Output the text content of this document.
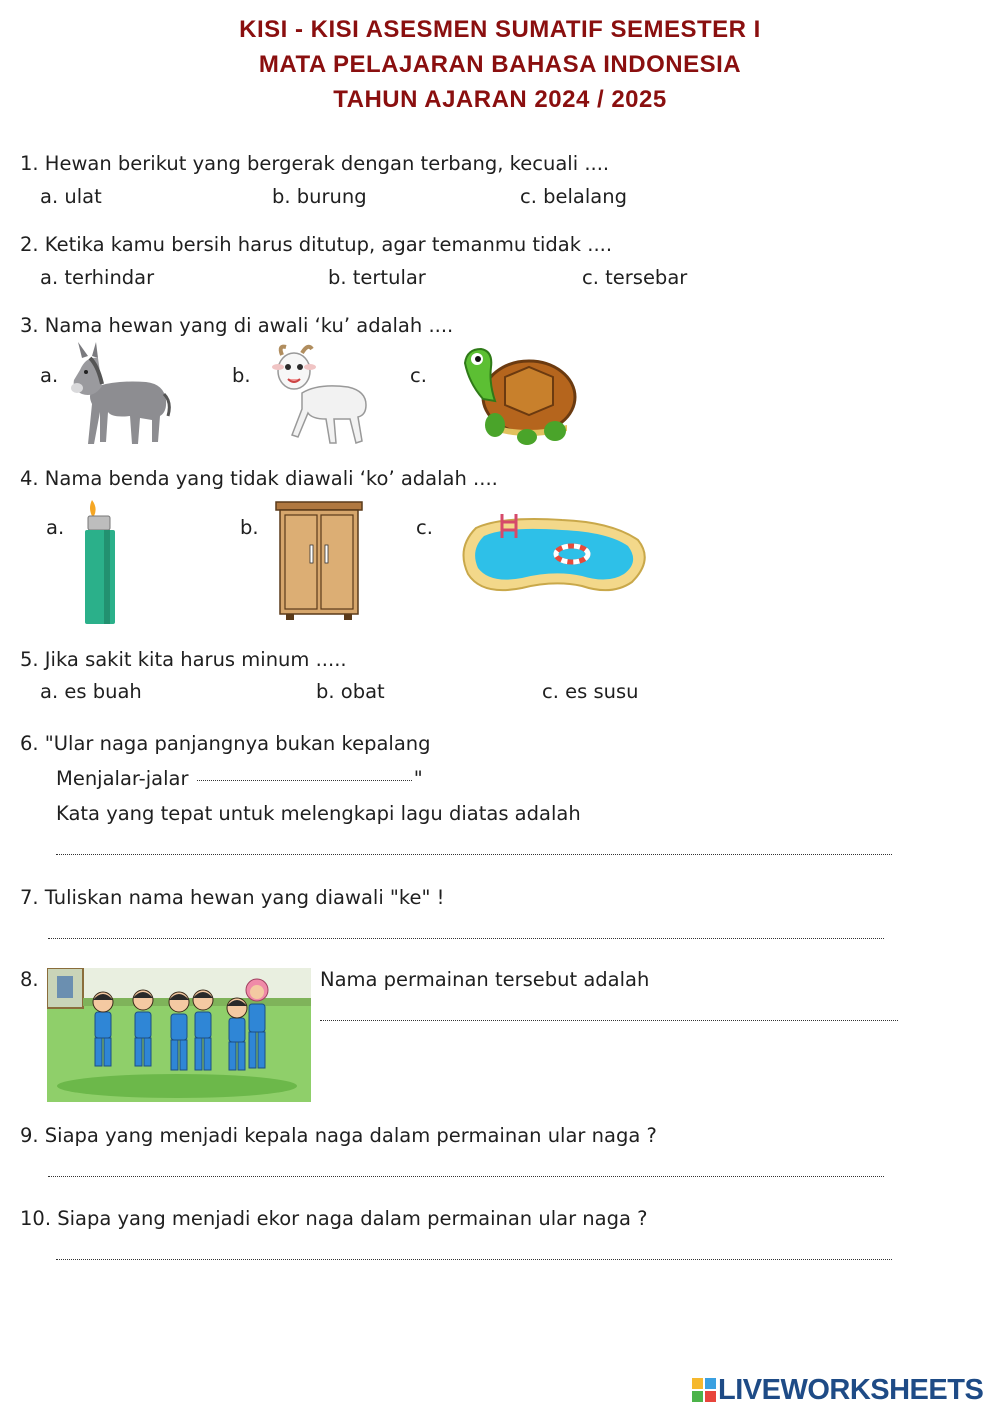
KISI - KISI ASESMEN SUMATIF SEMESTER I
MATA PELAJARAN BAHASA INDONESIA
TAHUN AJARAN 2024 / 2025
1. Hewan berikut yang bergerak dengan terbang, kecuali ....
a. ulat	b. burung	c. belalang
2. Ketika kamu bersih harus ditutup, agar temanmu tidak ....
a. terhindar	b. tertular	c. tersebar
3. Nama hewan yang di awali ‘ku’ adalah ....
a.	b.	c.
4. Nama benda yang tidak diawali ‘ko’ adalah ....
a.	b.	c.
5. Jika sakit kita harus minum .....
a. es buah	b. obat	c. es susu
6. "Ular naga panjangnya bukan kepalang
Menjalar-jalar	"
Kata yang tepat untuk melengkapi lagu diatas adalah
7. Tuliskan nama hewan yang diawali "ke" !
8.	Nama permainan tersebut adalah
9. Siapa yang menjadi kepala naga dalam permainan ular naga ?
10. Siapa yang menjadi ekor naga dalam permainan ular naga ?
LIVEWORKSHEETS
